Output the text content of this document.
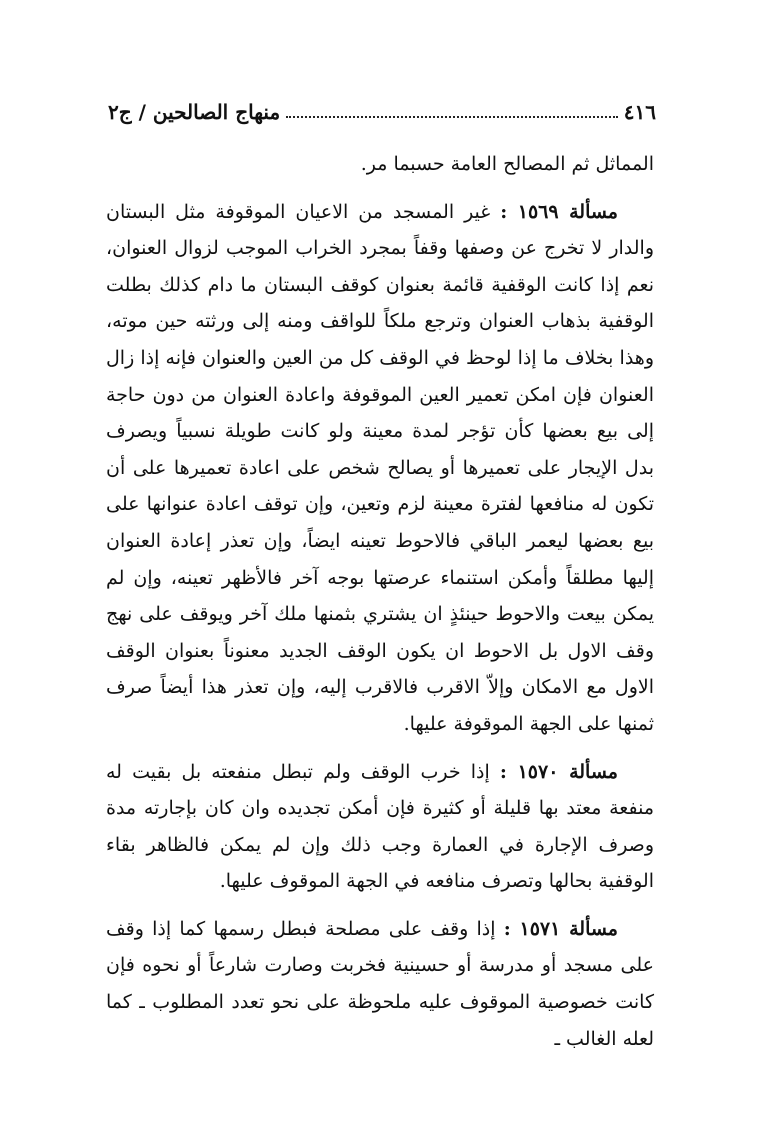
منهاج الصالحين / ج٢	٤١٦

المماثل ثم المصالح العامة حسبما مر.

مسألة ١٥٦٩ : غير المسجد من الاعيان الموقوفة مثل البستان والدار لا تخرج عن وصفها وقفاً بمجرد الخراب الموجب لزوال العنوان، نعم إذا كانت الوقفية قائمة بعنوان كوقف البستان ما دام كذلك بطلت الوقفية بذهاب العنوان وترجع ملكاً للواقف ومنه إلى ورثته حين موته، وهذا بخلاف ما إذا لوحظ في الوقف كل من العين والعنوان فإنه إذا زال العنوان فإن امكن تعمير العين الموقوفة واعادة العنوان من دون حاجة إلى بيع بعضها كأن تؤجر لمدة معينة ولو كانت طويلة نسبياً ويصرف بدل الإيجار على تعميرها أو يصالح شخص على اعادة تعميرها على أن تكون له منافعها لفترة معينة لزم وتعين، وإن توقف اعادة عنوانها على بيع بعضها ليعمر الباقي فالاحوط تعينه ايضاً، وإن تعذر إعادة العنوان إليها مطلقاً وأمكن استنماء عرصتها بوجه آخر فالأظهر تعينه، وإن لم يمكن بيعت والاحوط حينئذٍ ان يشتري بثمنها ملك آخر ويوقف على نهج وقف الاول بل الاحوط ان يكون الوقف الجديد معنوناً بعنوان الوقف الاول مع الامكان وإلاّ الاقرب فالاقرب إليه، وإن تعذر هذا أيضاً صرف ثمنها على الجهة الموقوفة عليها.

مسألة ١٥٧٠ : إذا خرب الوقف ولم تبطل منفعته بل بقيت له منفعة معتد بها قليلة أو كثيرة فإن أمكن تجديده وان كان بإجارته مدة وصرف الإجارة في العمارة وجب ذلك وإن لم يمكن فالظاهر بقاء الوقفية بحالها وتصرف منافعه في الجهة الموقوف عليها.

مسألة ١٥٧١ : إذا وقف على مصلحة فبطل رسمها كما إذا وقف على مسجد أو مدرسة أو حسينية فخربت وصارت شارعاً أو نحوه فإن كانت خصوصية الموقوف عليه ملحوظة على نحو تعدد المطلوب ـ كما لعله الغالب ـ
